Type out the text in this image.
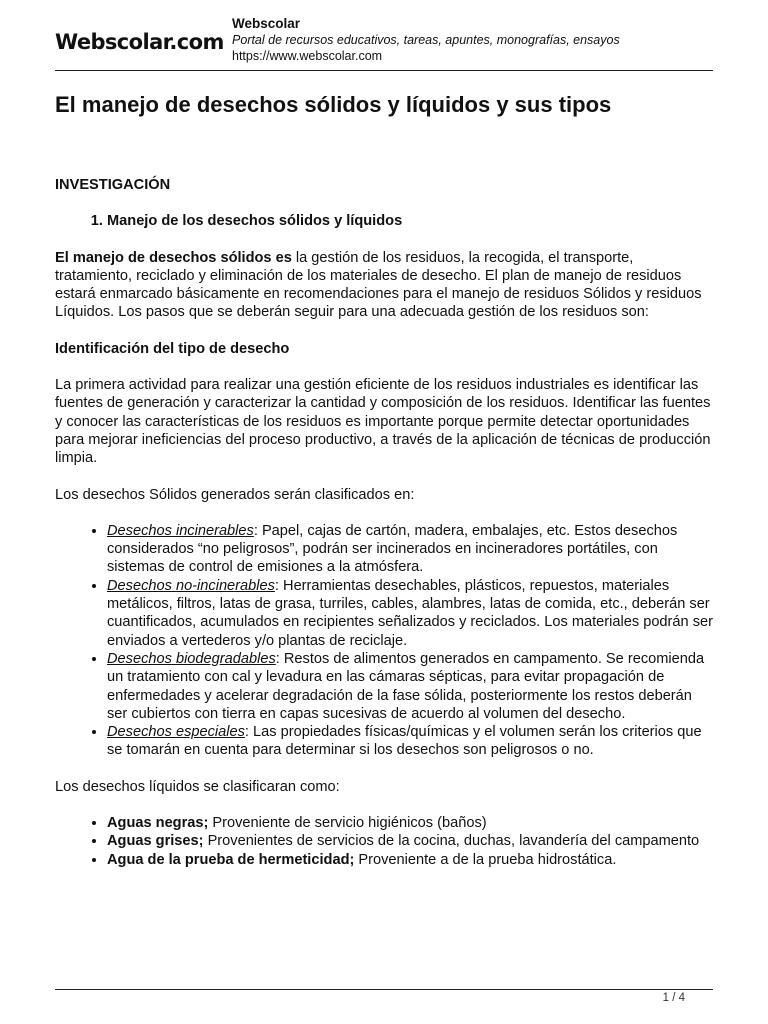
Webscolar.com
Webscolar
Portal de recursos educativos, tareas, apuntes, monografías, ensayos
https://www.webscolar.com
El manejo de desechos sólidos y líquidos y sus tipos

INVESTIGACIÓN

1. Manejo de los desechos sólidos y líquidos

El manejo de desechos sólidos es la gestión de los residuos, la recogida, el transporte, tratamiento, reciclado y eliminación de los materiales de desecho. El plan de manejo de residuos estará enmarcado básicamente en recomendaciones para el manejo de residuos Sólidos y residuos Líquidos. Los pasos que se deberán seguir para una adecuada gestión de los residuos son:

Identificación del tipo de desecho

La primera actividad para realizar una gestión eficiente de los residuos industriales es identificar las fuentes de generación y caracterizar la cantidad y composición de los residuos. Identificar las fuentes y conocer las características de los residuos es importante porque permite detectar oportunidades para mejorar ineficiencias del proceso productivo, a través de la aplicación de técnicas de producción limpia.

Los desechos Sólidos generados serán clasificados en:

• Desechos incinerables: Papel, cajas de cartón, madera, embalajes, etc. Estos desechos considerados “no peligrosos”, podrán ser incinerados en incineradores portátiles, con sistemas de control de emisiones a la atmósfera.
• Desechos no-incinerables: Herramientas desechables, plásticos, repuestos, materiales metálicos, filtros, latas de grasa, turriles, cables, alambres, latas de comida, etc., deberán ser cuantificados, acumulados en recipientes señalizados y reciclados. Los materiales podrán ser enviados a vertederos y/o plantas de reciclaje.
• Desechos biodegradables: Restos de alimentos generados en campamento. Se recomienda un tratamiento con cal y levadura en las cámaras sépticas, para evitar propagación de enfermedades y acelerar degradación de la fase sólida, posteriormente los restos deberán ser cubiertos con tierra en capas sucesivas de acuerdo al volumen del desecho.
• Desechos especiales: Las propiedades físicas/químicas y el volumen serán los criterios que se tomarán en cuenta para determinar si los desechos son peligrosos o no.

Los desechos líquidos se clasificaran como:

• Aguas negras; Proveniente de servicio higiénicos (baños)
• Aguas grises; Provenientes de servicios de la cocina, duchas, lavandería del campamento
• Agua de la prueba de hermeticidad; Proveniente a de la prueba hidrostática.
1 / 4
